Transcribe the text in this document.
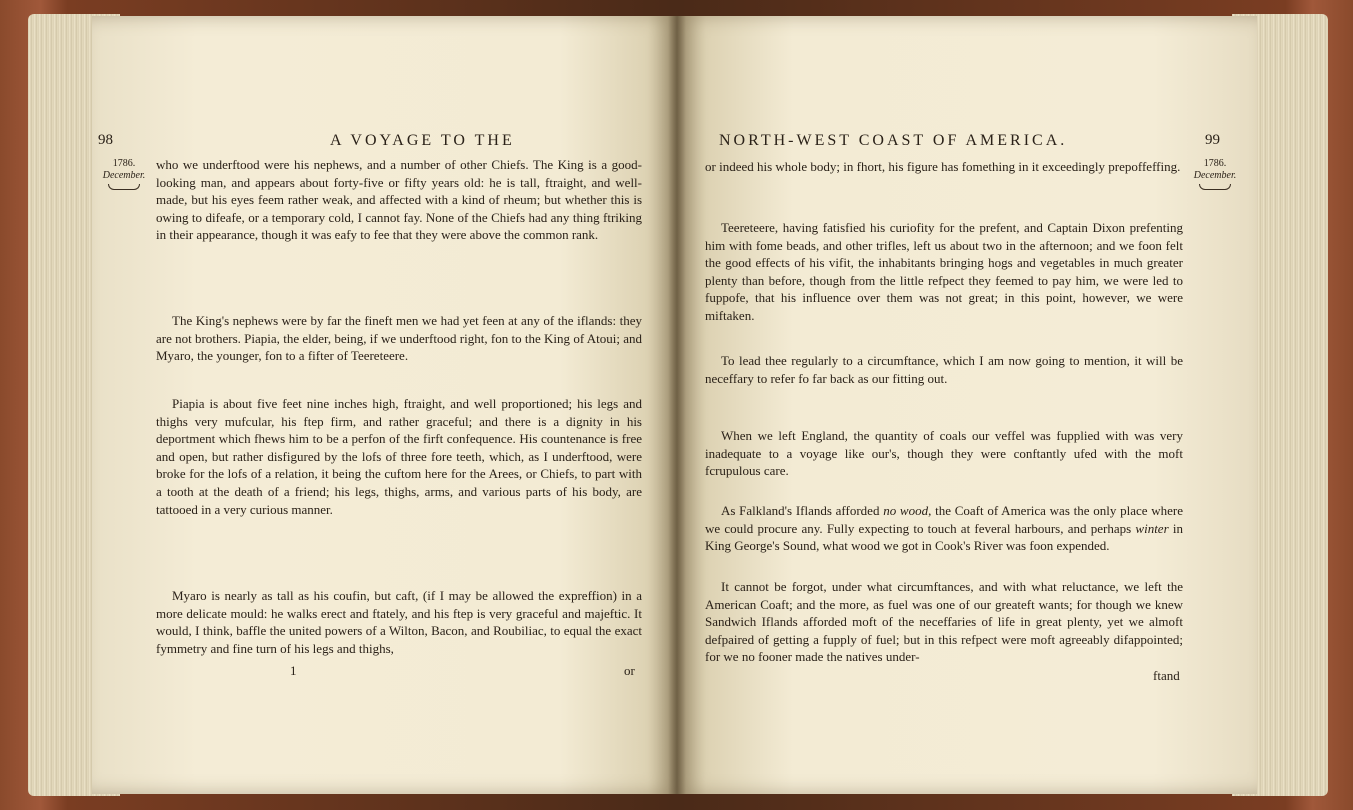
98	A VOYAGE TO THE
1786.
December.

who we underftood were his nephews, and a number of other Chiefs. The King is a good-looking man, and appears about forty-five or fifty years old: he is tall, ftraight, and well-made, but his eyes feem rather weak, and affected with a kind of rheum; but whether this is owing to difeafe, or a temporary cold, I cannot fay. None of the Chiefs had any thing ftriking in their appearance, though it was eafy to fee that they were above the common rank.

The King's nephews were by far the fineft men we had yet feen at any of the iflands: they are not brothers. Piapia, the elder, being, if we underftood right, fon to the King of Atoui; and Myaro, the younger, fon to a fifter of Teereteere.

Piapia is about five feet nine inches high, ftraight, and well proportioned; his legs and thighs very mufcular, his ftep firm, and rather graceful; and there is a dignity in his deportment which fhews him to be a perfon of the firft confequence. His countenance is free and open, but rather disfigured by the lofs of three fore teeth, which, as I underftood, were broke for the lofs of a relation, it being the cuftom here for the Arees, or Chiefs, to part with a tooth at the death of a friend; his legs, thighs, arms, and various parts of his body, are tattooed in a very curious manner.

Myaro is nearly as tall as his coufin, but caft, (if I may be allowed the expreffion) in a more delicate mould: he walks erect and ftately, and his ftep is very graceful and majeftic. It would, I think, baffle the united powers of a Wilton, Bacon, and Roubiliac, to equal the exact fymmetry and fine turn of his legs and thighs,

1	or
NORTH-WEST COAST OF AMERICA.	99
1786.
December.

or indeed his whole body; in fhort, his figure has fomething in it exceedingly prepoffeffing.

Teereteere, having fatisfied his curiofity for the prefent, and Captain Dixon prefenting him with fome beads, and other trifles, left us about two in the afternoon; and we foon felt the good effects of his vifit, the inhabitants bringing hogs and vegetables in much greater plenty than before, though from the little refpect they feemed to pay him, we were led to fuppofe, that his influence over them was not great; in this point, however, we were miftaken.

To lead thee regularly to a circumftance, which I am now going to mention, it will be neceffary to refer fo far back as our fitting out.

When we left England, the quantity of coals our veffel was fupplied with was very inadequate to a voyage like our's, though they were conftantly ufed with the moft fcrupulous care.

As Falkland's Iflands afforded no wood, the Coaft of America was the only place where we could procure any. Fully expecting to touch at feveral harbours, and perhaps winter in King George's Sound, what wood we got in Cook's River was foon expended.

It cannot be forgot, under what circumftances, and with what reluctance, we left the American Coaft; and the more, as fuel was one of our greateft wants; for though we knew Sandwich Iflands afforded moft of the neceffaries of life in great plenty, yet we almoft defpaired of getting a fupply of fuel; but in this refpect were moft agreeably difappointed; for we no fooner made the natives under-

ftand
